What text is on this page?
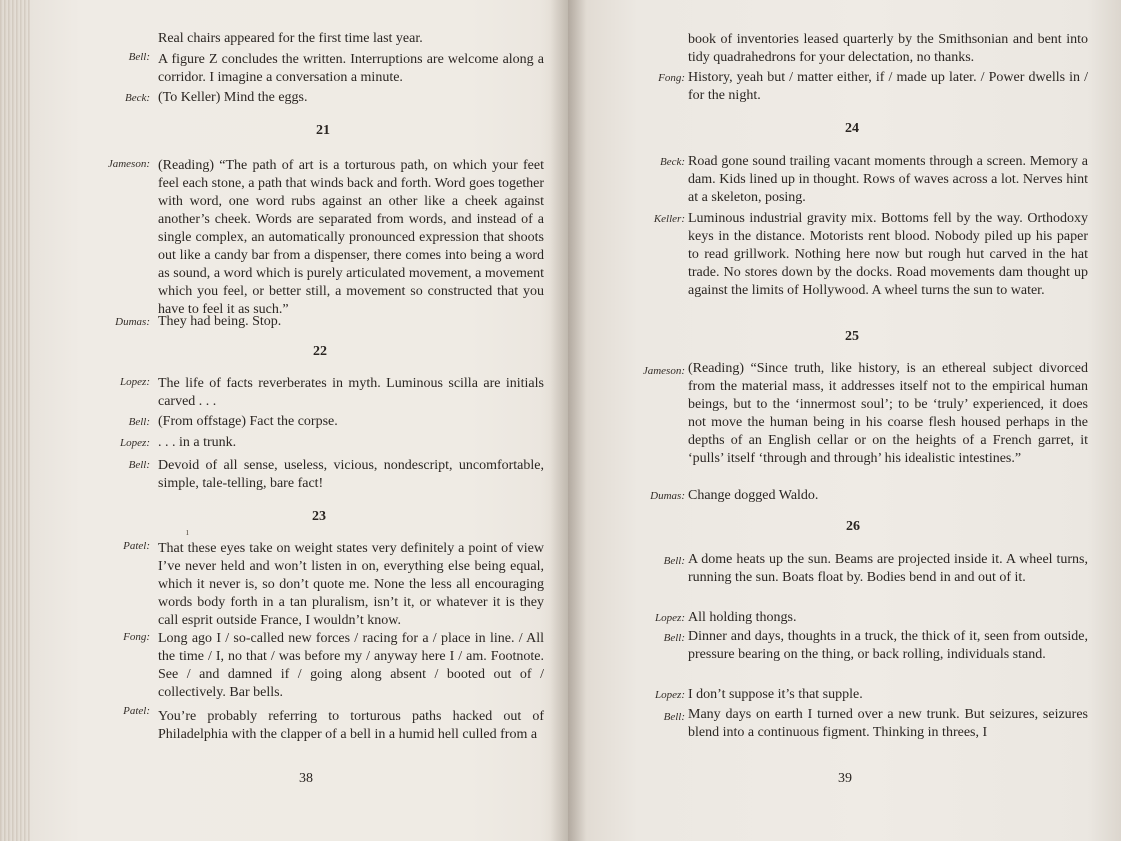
Real chairs appeared for the first time last year.
Bell: A figure Z concludes the written. Interruptions are welcome along a corridor. I imagine a conversation a minute.
Beck: (To Keller) Mind the eggs.
21
Jameson: (Reading) “The path of art is a torturous path, on which your feet feel each stone, a path that winds back and forth. Word goes together with word, one word rubs against an other like a cheek against another’s cheek. Words are separated from words, and instead of a single complex, an automatically pronounced expression that shoots out like a candy bar from a dispenser, there comes into being a word as sound, a word which is purely articulated movement, a movement which you feel, or better still, a movement so constructed that you have to feel it as such.”
Dumas: They had being. Stop.
22
Lopez: The life of facts reverberates in myth. Luminous scilla are initials carved . . .
Bell: (From offstage) Fact the corpse.
Lopez: . . . in a trunk.
Bell: Devoid of all sense, useless, vicious, nondescript, uncomfortable, simple, tale-telling, bare fact!
23
ı
Patel: That these eyes take on weight states very definitely a point of view I’ve never held and won’t listen in on, everything else being equal, which it never is, so don’t quote me. None the less all encouraging words body forth in a tan pluralism, isn’t it, or whatever it is they call esprit outside France, I wouldn’t know.
Fong: Long ago I / so-called new forces / racing for a / place in line. / All the time / I, no that / was before my / anyway here I / am. Footnote. See / and damned if / going along absent / booted out of / collectively. Bar bells.
Patel: You’re probably referring to torturous paths hacked out of Philadelphia with the clapper of a bell in a humid hell culled from a
38
book of inventories leased quarterly by the Smithsonian and bent into tidy quadrahedrons for your delectation, no thanks.
Fong: History, yeah but / matter either, if / made up later. / Power dwells in / for the night.
24
Beck: Road gone sound trailing vacant moments through a screen. Memory a dam. Kids lined up in thought. Rows of waves across a lot. Nerves hint at a skeleton, posing.
Keller: Luminous industrial gravity mix. Bottoms fell by the way. Orthodoxy keys in the distance. Motorists rent blood. Nobody piled up his paper to read grillwork. Nothing here now but rough hut carved in the hat trade. No stores down by the docks. Road movements dam thought up against the limits of Hollywood. A wheel turns the sun to water.
25
Jameson: (Reading) “Since truth, like history, is an ethereal subject divorced from the material mass, it addresses itself not to the empirical human beings, but to the ‘innermost soul’; to be ‘truly’ experienced, it does not move the human being in his coarse flesh housed perhaps in the depths of an English cellar or on the heights of a French garret, it ‘pulls’ itself ‘through and through’ his idealistic intestines.”
Dumas: Change dogged Waldo.
26
Bell: A dome heats up the sun. Beams are projected inside it. A wheel turns, running the sun. Boats float by. Bodies bend in and out of it.
Lopez: All holding thongs.
Bell: Dinner and days, thoughts in a truck, the thick of it, seen from outside, pressure bearing on the thing, or back rolling, individuals stand.
Lopez: I don’t suppose it’s that supple.
Bell: Many days on earth I turned over a new trunk. But seizures, seizures blend into a continuous figment. Thinking in threes, I
39
